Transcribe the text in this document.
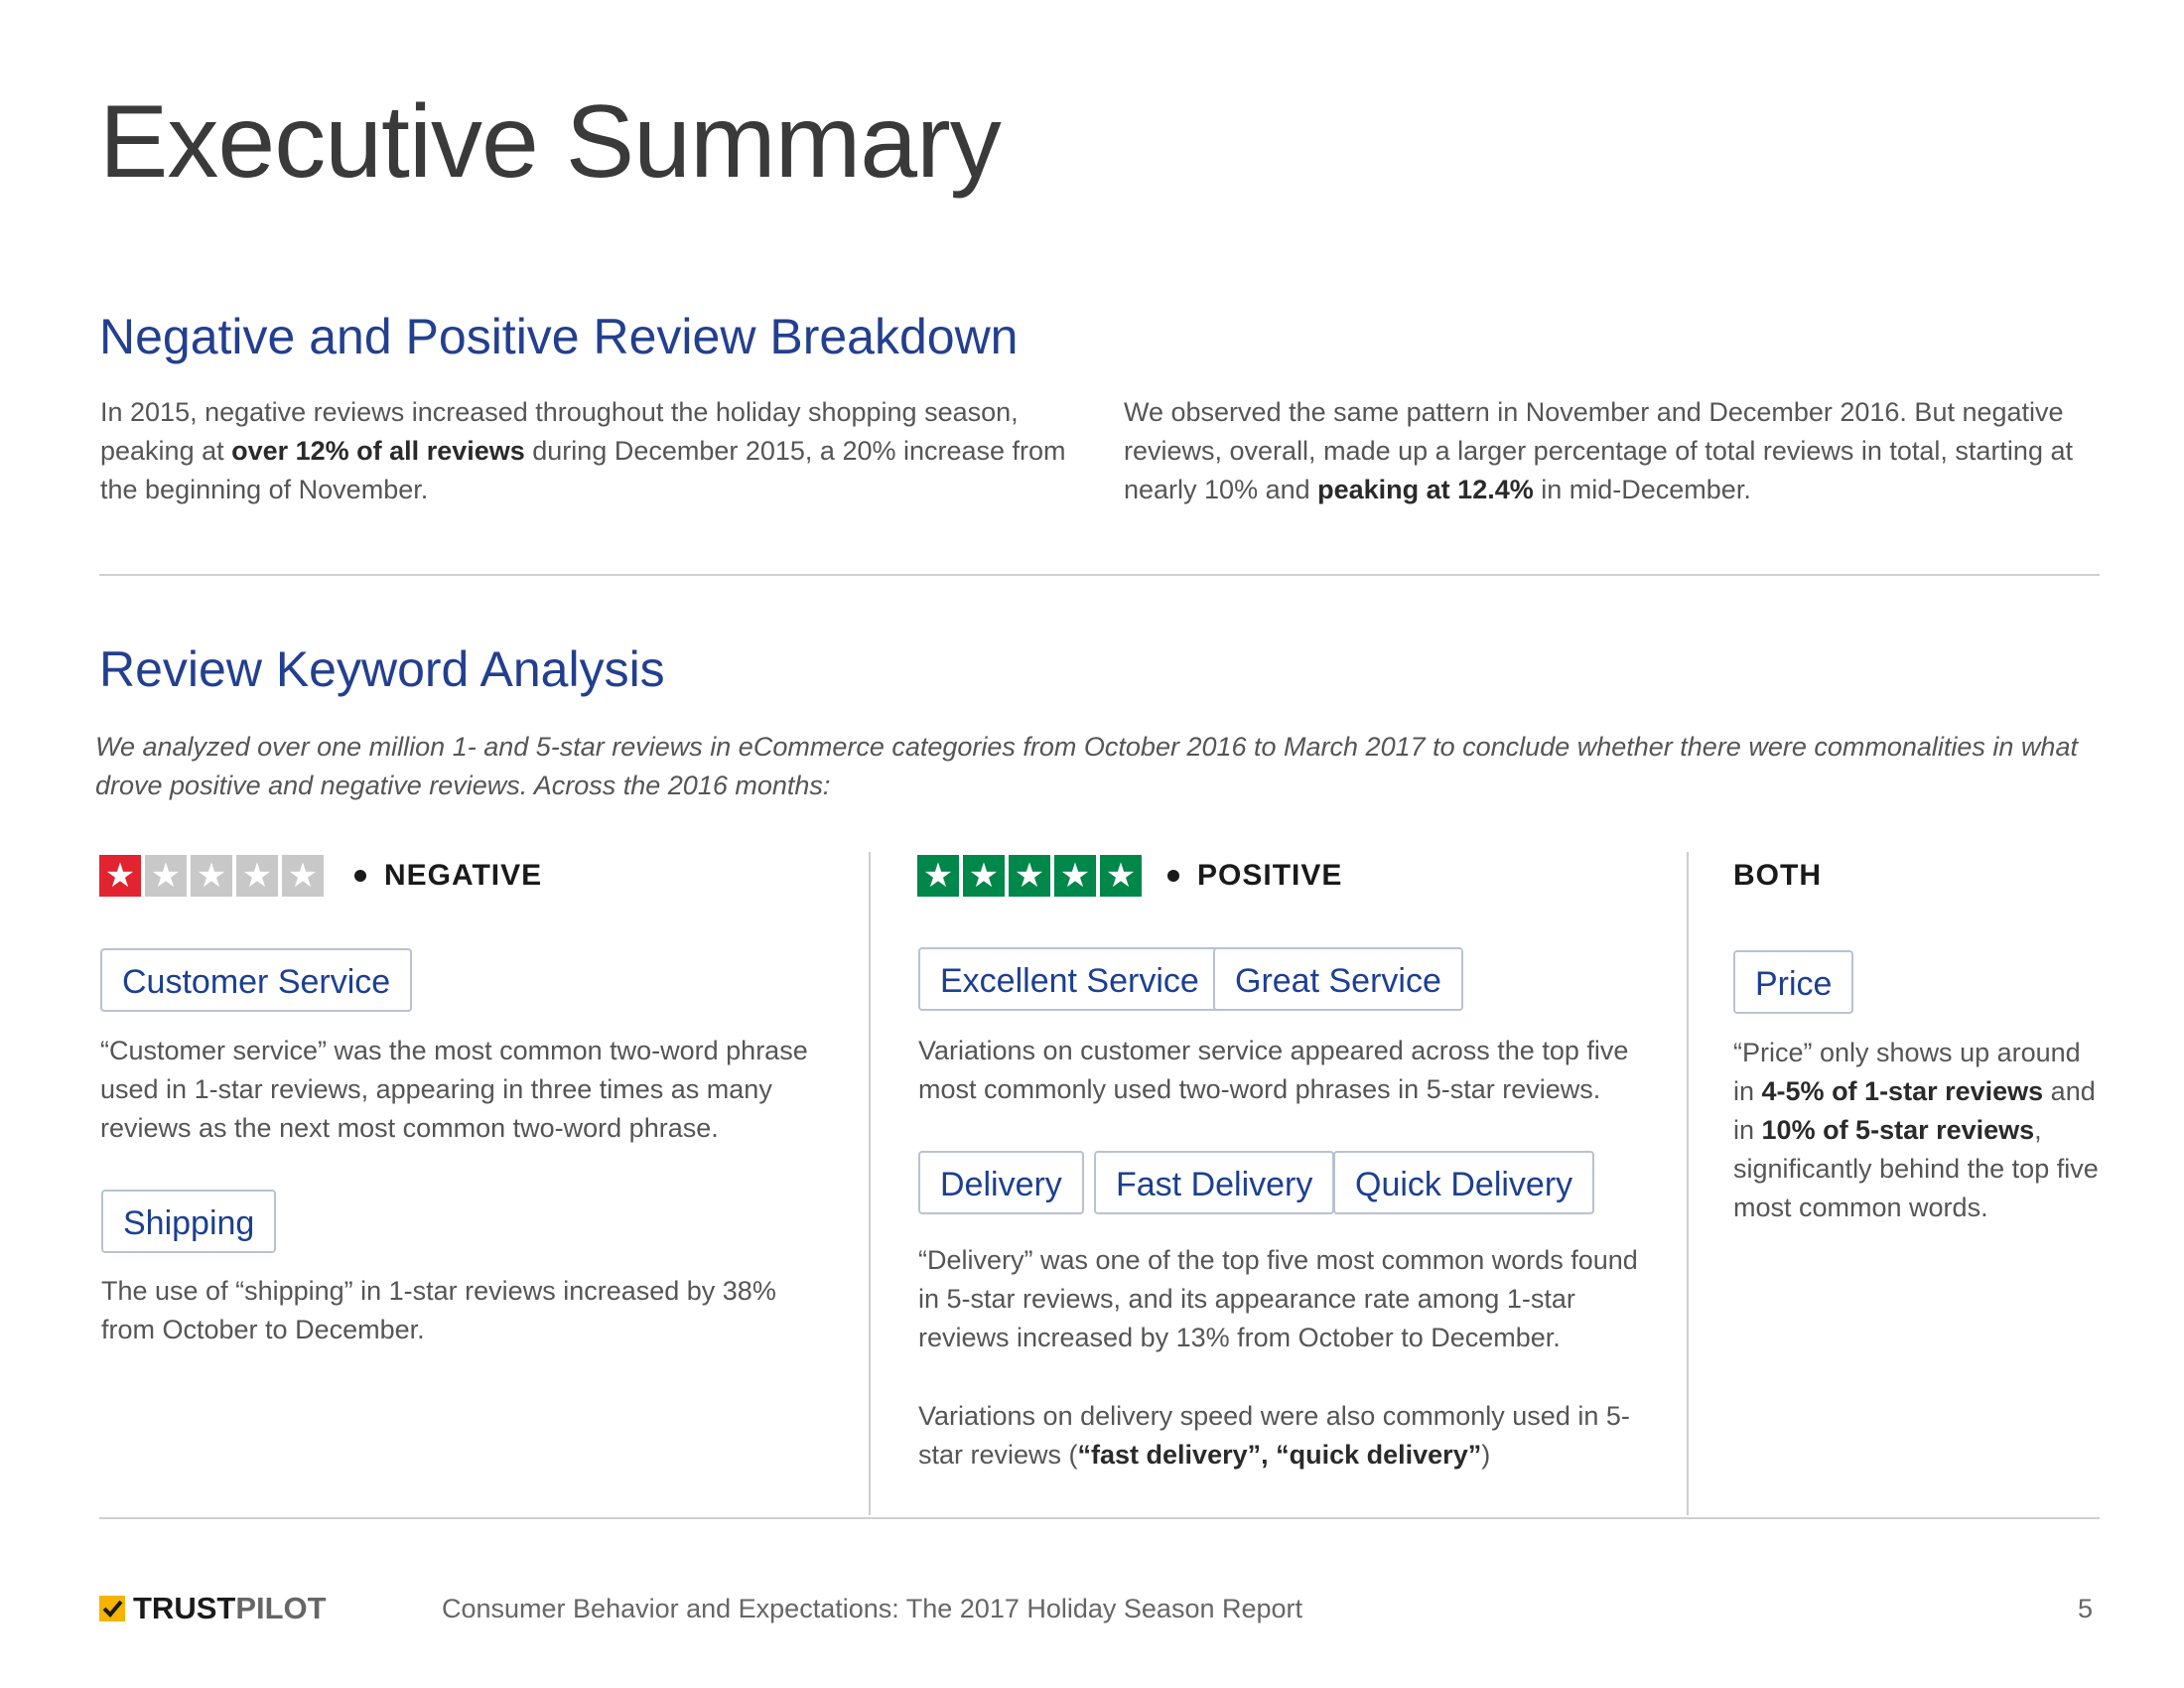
Executive Summary
Negative and Positive Review Breakdown
In 2015, negative reviews increased throughout the holiday shopping season, peaking at over 12% of all reviews during December 2015, a 20% increase from the beginning of November.
We observed the same pattern in November and December 2016. But negative reviews, overall, made up a larger percentage of total reviews in total, starting at nearly 10% and peaking at 12.4% in mid-December.
Review Keyword Analysis
We analyzed over one million 1- and 5-star reviews in eCommerce categories from October 2016 to March 2017 to conclude whether there were commonalities in what drove positive and negative reviews. Across the 2016 months:
★ ★ ★ ★ ★ NEGATIVE	★ ★ ★ ★ ★ POSITIVE	BOTH
Customer Service
“Customer service” was the most common two-word phrase used in 1-star reviews, appearing in three times as many reviews as the next most common two-word phrase.
Shipping
The use of “shipping” in 1-star reviews increased by 38% from October to December.
Excellent Service	Great Service
Variations on customer service appeared across the top five most commonly used two-word phrases in 5-star reviews.
Delivery	Fast Delivery	Quick Delivery
“Delivery” was one of the top five most common words found in 5-star reviews, and its appearance rate among 1-star reviews increased by 13% from October to December.
Variations on delivery speed were also commonly used in 5-star reviews (“fast delivery”, “quick delivery”)
Price
“Price” only shows up around in 4-5% of 1-star reviews and in 10% of 5-star reviews, significantly behind the top five most common words.
TRUSTPILOT	Consumer Behavior and Expectations: The 2017 Holiday Season Report	5
